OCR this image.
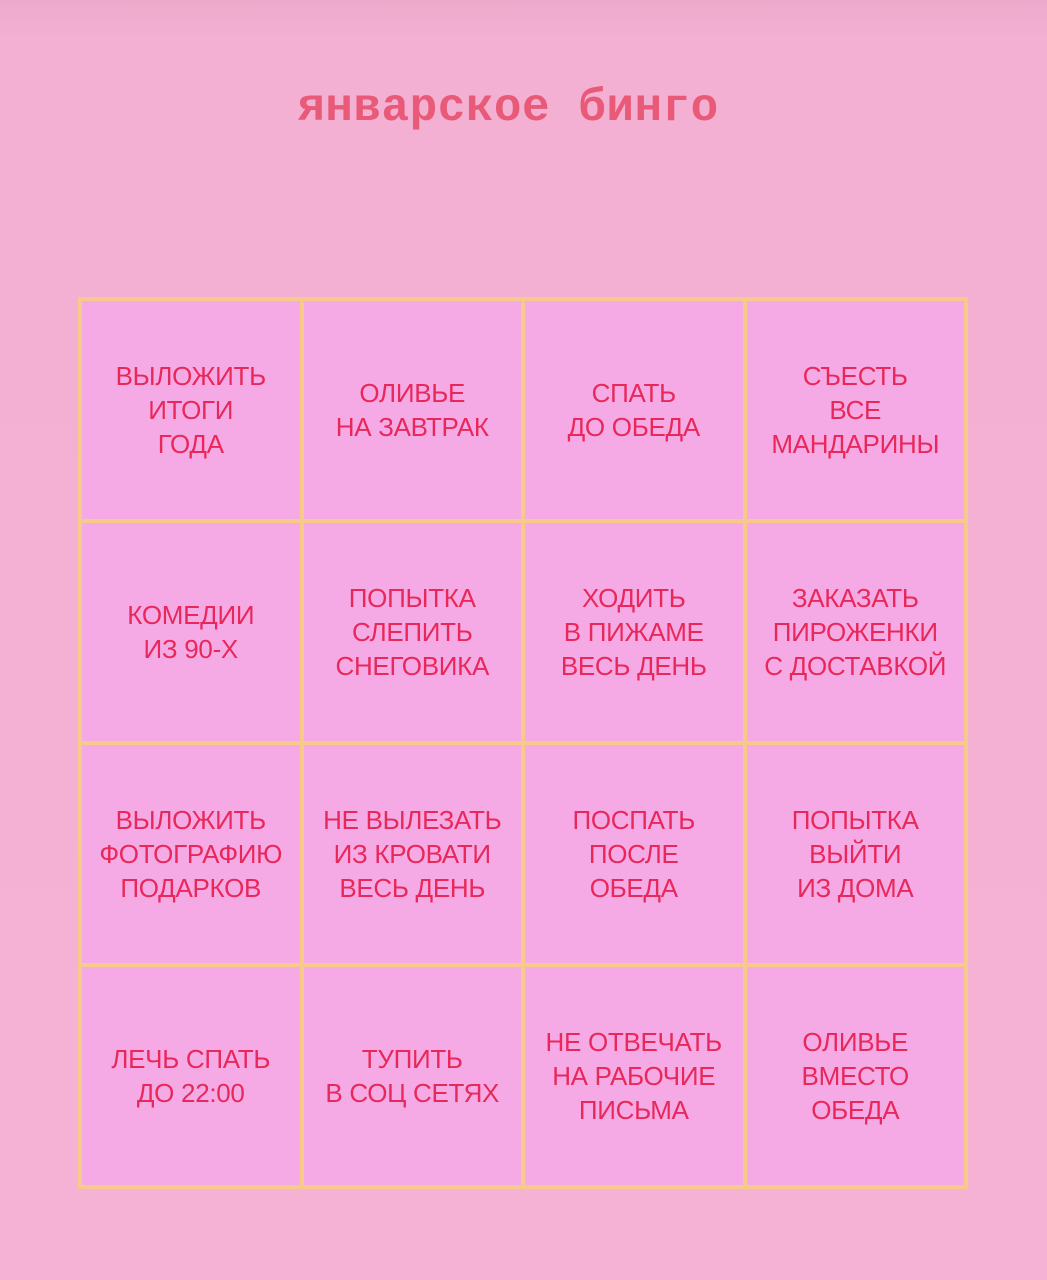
январское бинго
ВЫЛОЖИТЬ
ИТОГИ
ГОДА
ОЛИВЬЕ
НА ЗАВТРАК
СПАТЬ
ДО ОБЕДА
СЪЕСТЬ
ВСЕ
МАНДАРИНЫ
КОМЕДИИ
ИЗ 90-Х
ПОПЫТКА
СЛЕПИТЬ
СНЕГОВИКА
ХОДИТЬ
В ПИЖАМЕ
ВЕСЬ ДЕНЬ
ЗАКАЗАТЬ
ПИРОЖЕНКИ
С ДОСТАВКОЙ
ВЫЛОЖИТЬ
ФОТОГРАФИЮ
ПОДАРКОВ
НЕ ВЫЛЕЗАТЬ
ИЗ КРОВАТИ
ВЕСЬ ДЕНЬ
ПОСПАТЬ
ПОСЛЕ
ОБЕДА
ПОПЫТКА
ВЫЙТИ
ИЗ ДОМА
ЛЕЧЬ СПАТЬ
ДО 22:00
ТУПИТЬ
В СОЦ СЕТЯХ
НЕ ОТВЕЧАТЬ
НА РАБОЧИЕ
ПИСЬМА
ОЛИВЬЕ
ВМЕСТО
ОБЕДА
